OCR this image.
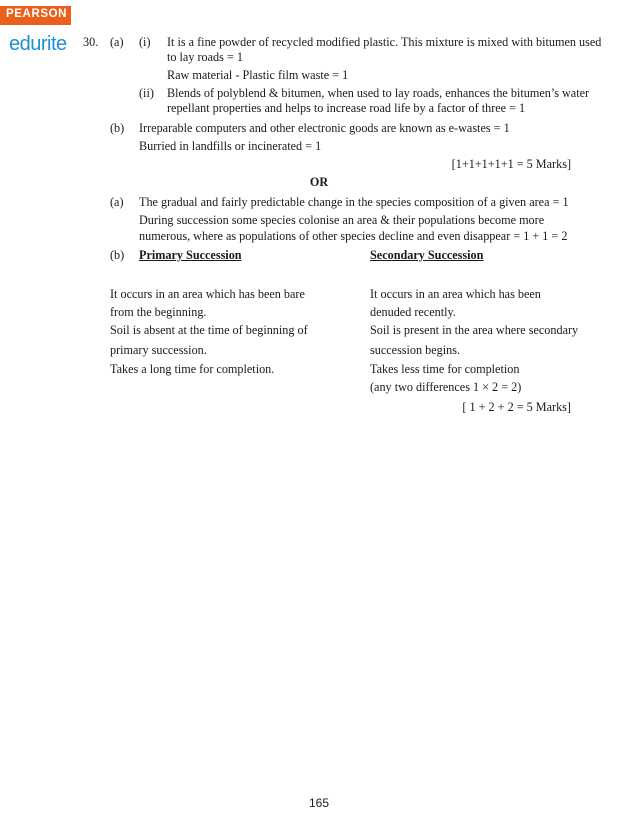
PEARSON
edurite 30. (a) (i) It is a fine powder of recycled modified plastic. This mixture is mixed with bitumen used
to lay roads = 1
Raw material - Plastic film waste = 1
(ii) Blends of polyblend & bitumen, when used to lay roads, enhances the bitumen’s water
repellant properties and helps to increase road life by a factor of three = 1
(b) Irreparable computers and other electronic goods are known as e-wastes = 1
Burried in landfills or incinerated = 1
[1+1+1+1+1 = 5 Marks]
OR
(a) The gradual and fairly predictable change in the species composition of a given area = 1
During succession some species colonise an area & their populations become more
numerous, where as populations of other species decline and even disappear = 1 + 1 = 2
(b) Primary Succession	Secondary Succession
It occurs in an area which has been bare
from the beginning.
Soil is absent at the time of beginning of
primary succession.
Takes a long time for completion.
It occurs in an area which has been
denuded recently.
Soil is present in the area where secondary
succession begins.
Takes less time for completion
(any two differences 1 × 2 = 2)
[ 1 + 2 + 2 = 5 Marks]
165
